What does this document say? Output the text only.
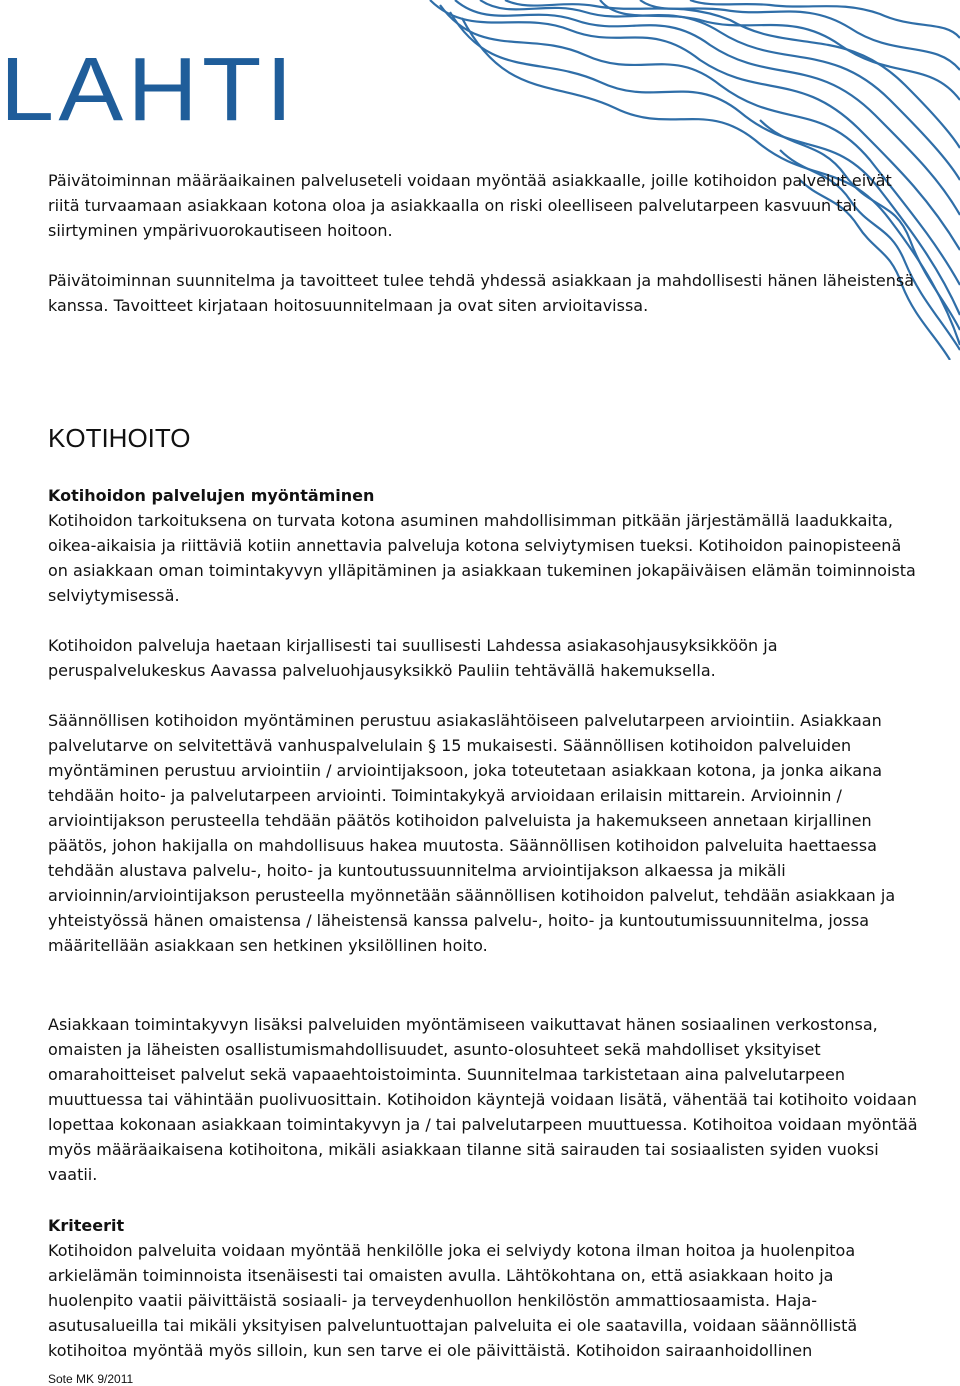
LAHTI

Päivätoiminnan määräaikainen palveluseteli voidaan myöntää asiakkaalle, joille kotihoidon palvelut eivät riitä turvaamaan asiakkaan kotona oloa ja asiakkaalla on riski oleelliseen palvelutarpeen kasvuun tai siirtyminen ympärivuorokautiseen hoitoon.

Päivätoiminnan suunnitelma ja tavoitteet tulee tehdä yhdessä asiakkaan ja mahdollisesti hänen läheistensä kanssa. Tavoitteet kirjataan hoitosuunnitelmaan ja ovat siten arvioitavissa.

KOTIHOITO
Kotihoidon palvelujen myöntäminen

Kotihoidon tarkoituksena on turvata kotona asuminen mahdollisimman pitkään järjestämällä laadukkaita, oikea-aikaisia ja riittäviä kotiin annettavia palveluja kotona selviytymisen tueksi. Kotihoidon painopisteenä on asiakkaan oman toimintakyvyn ylläpitäminen ja asiakkaan tukeminen jokapäiväisen elämän toiminnoista selviytymisessä.

Kotihoidon palveluja haetaan kirjallisesti tai suullisesti Lahdessa asiakasohjausyksikköön ja peruspalvelukeskus Aavassa palveluohjausyksikkö Pauliin tehtävällä hakemuksella.

Säännöllisen kotihoidon myöntäminen perustuu asiakaslähtöiseen palvelutarpeen arviointiin. Asiakkaan palvelutarve on selvitettävä vanhuspalvelulain § 15 mukaisesti. Säännöllisen kotihoidon palveluiden myöntäminen perustuu arviointiin / arviointijaksoon, joka toteutetaan asiakkaan kotona, ja jonka aikana tehdään hoito- ja palvelutarpeen arviointi. Toimintakykyä arvioidaan erilaisin mittarein. Arvioinnin / arviointijakson perusteella tehdään päätös kotihoidon palveluista ja hakemukseen annetaan kirjallinen päätös, johon hakijalla on mahdollisuus hakea muutosta. Säännöllisen kotihoidon palveluita haettaessa tehdään alustava palvelu-, hoito- ja kuntoutussuunnitelma arviointijakson alkaessa ja mikäli arvioinnin/arviointijakson perusteella myönnetään säännöllisen kotihoidon palvelut, tehdään asiakkaan ja yhteistyössä hänen omaistensa / läheistensä kanssa palvelu-, hoito- ja kuntoutumissuunnitelma, jossa määritellään asiakkaan sen hetkinen yksilöllinen hoito.

Asiakkaan toimintakyvyn lisäksi palveluiden myöntämiseen vaikuttavat hänen sosiaalinen verkostonsa, omaisten ja läheisten osallistumismahdollisuudet, asunto-olosuhteet sekä mahdolliset yksityiset omarahoitteiset palvelut sekä vapaaehtoistoiminta. Suunnitelmaa tarkistetaan aina palvelutarpeen muuttuessa tai vähintään puolivuosittain. Kotihoidon käyntejä voidaan lisätä, vähentää tai kotihoito voidaan lopettaa kokonaan asiakkaan toimintakyvyn ja / tai palvelutarpeen muuttuessa. Kotihoitoa voidaan myöntää myös määräaikaisena kotihoitona, mikäli asiakkaan tilanne sitä sairauden tai sosiaalisten syiden vuoksi vaatii.

Kriteerit

Kotihoidon palveluita voidaan myöntää henkilölle joka ei selviydy kotona ilman hoitoa ja huolenpitoa arkielämän toiminnoista itsenäisesti tai omaisten avulla. Lähtökohtana on, että asiakkaan hoito ja huolenpito vaatii päivittäistä sosiaali- ja terveydenhuollon henkilöstön ammattiosaamista. Haja-asutusalueilla tai mikäli yksityisen palveluntuottajan palveluita ei ole saatavilla, voidaan säännöllistä kotihoitoa myöntää myös silloin, kun sen tarve ei ole päivittäistä. Kotihoidon sairaanhoidollinen

Sote MK 9/2011
